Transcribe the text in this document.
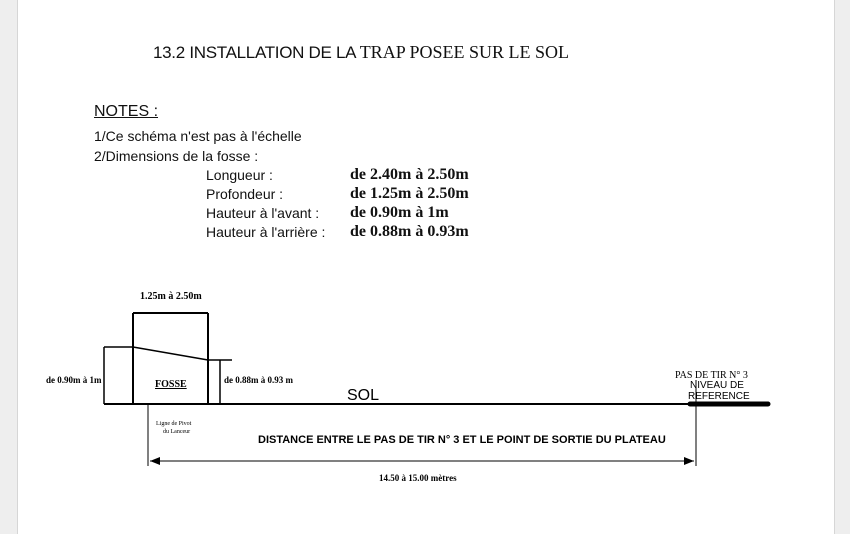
13.2 INSTALLATION DE LA TRAP POSEE SUR LE SOL
NOTES :
1/Ce schéma n'est pas à l'échelle
2/Dimensions de la fosse :
Longueur :	de 2.40m à 2.50m
Profondeur :	de 1.25m à 2.50m
Hauteur à l'avant : de 0.90m à 1m
Hauteur à l'arrière : de 0.88m à 0.93m
1.25m à 2.50m
de 0.90m à 1m	FOSSE	de 0.88m à 0.93 m
SOL
Ligne de Pivot
du Lanceur
PAS DE TIR N° 3
NIVEAU DE
REFERENCE
DISTANCE ENTRE LE PAS DE TIR N° 3 ET LE POINT DE SORTIE DU PLATEAU
14.50 à 15.00 mètres
